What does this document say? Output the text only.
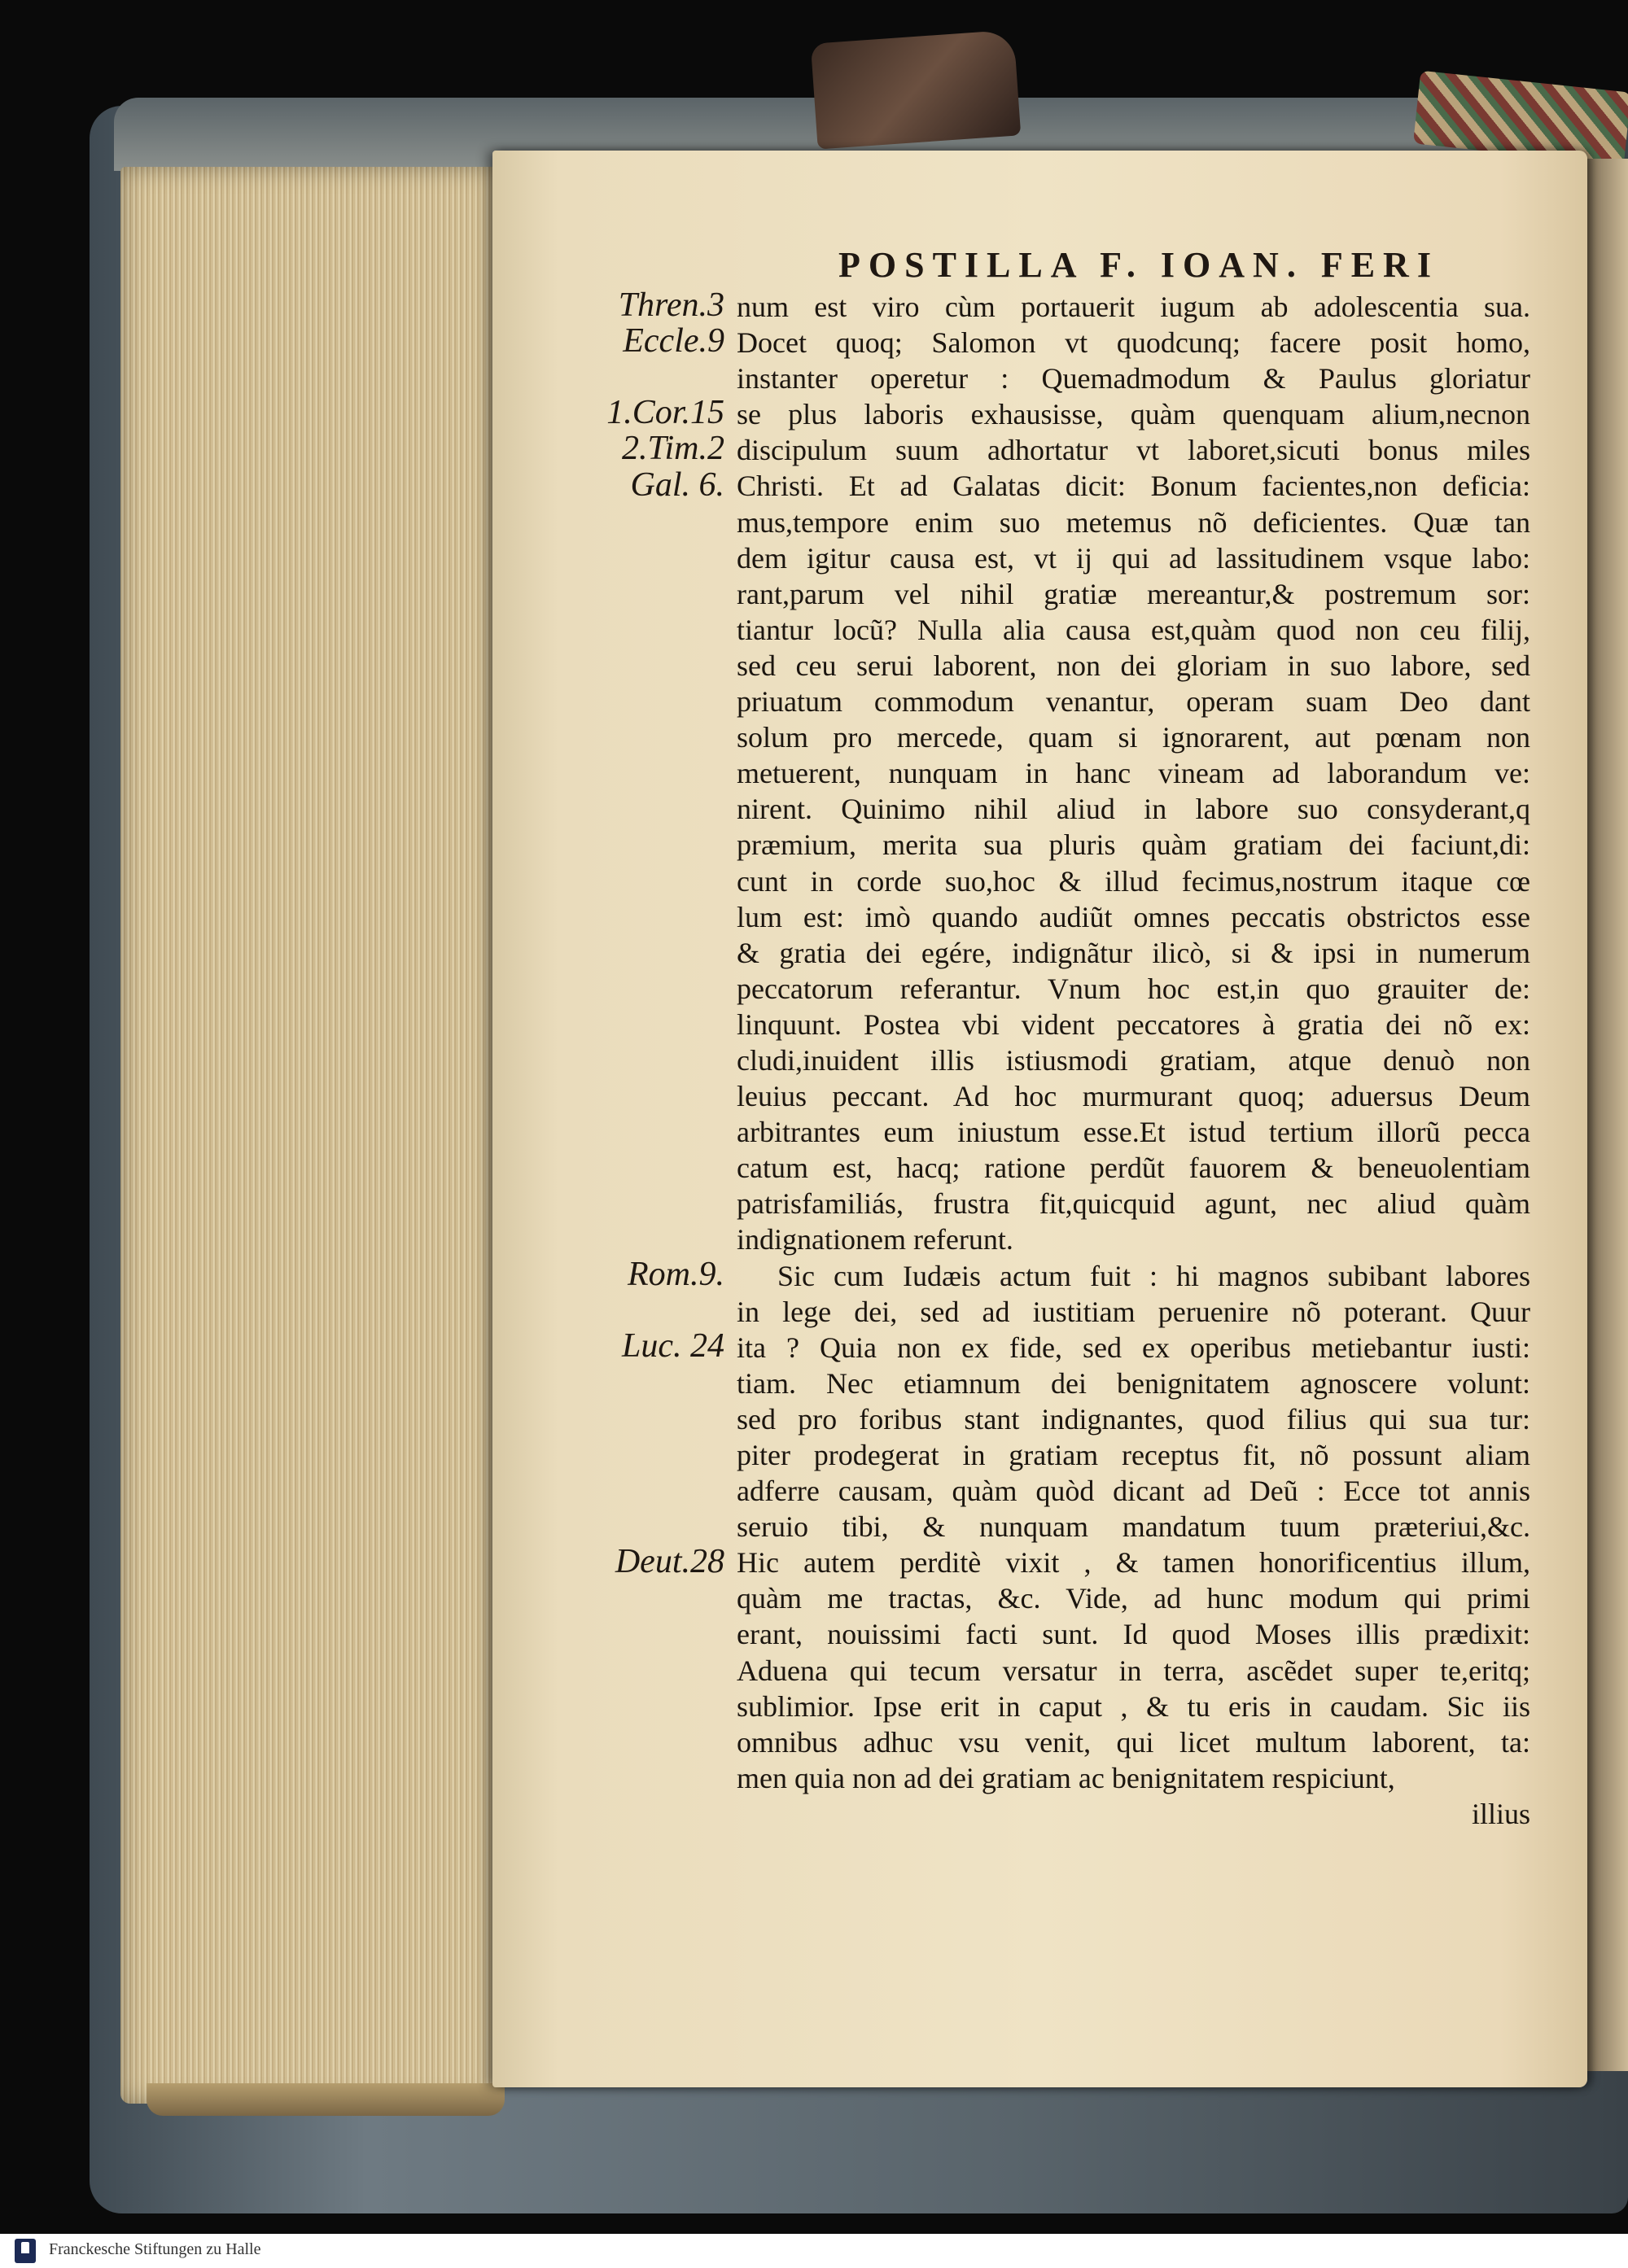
POSTILLA F. IOAN. FERI
Thren.3
Eccle.9
1.Cor.15
2.Tim.2
Gal. 6.
Rom.9.
Luc. 24
Deut.28
num est viro cùm portauerit iugum ab adolescentia sua.
Docet quoq; Salomon vt quodcunq; facere posit homo,
instanter operetur : Quemadmodum & Paulus gloriatur
se plus laboris exhausisse, quàm quenquam alium,necnon
discipulum suum adhortatur vt laboret,sicuti bonus miles
Christi. Et ad Galatas dicit: Bonum facientes,non deficia:
mus,tempore enim suo metemus nõ deficientes. Quæ tan
dem igitur causa est, vt ij qui ad lassitudinem vsque labo:
rant,parum vel nihil gratiæ mereantur,& postremum sor:
tiantur locũ? Nulla alia causa est,quàm quod non ceu filij,
sed ceu serui laborent, non dei gloriam in suo labore, sed
priuatum commodum venantur, operam suam Deo dant
solum pro mercede, quam si ignorarent, aut pœnam non
metuerent, nunquam in hanc vineam ad laborandum ve:
nirent. Quinimo nihil aliud in labore suo consyderant,q
præmium, merita sua pluris quàm gratiam dei faciunt,di:
cunt in corde suo,hoc & illud fecimus,nostrum itaque cœ
lum est: imò quando audiũt omnes peccatis obstrictos esse
& gratia dei egére, indignãtur ilicò, si & ipsi in numerum
peccatorum referantur. Vnum hoc est,in quo grauiter de:
linquunt. Postea vbi vident peccatores à gratia dei nõ ex:
cludi,inuident illis istiusmodi gratiam, atque denuò non
leuius peccant. Ad hoc murmurant quoq; aduersus Deum
arbitrantes eum iniustum esse.Et istud tertium illorũ pecca
catum est, hacq; ratione perdũt fauorem & beneuolentiam
patrisfamiliás, frustra fit,quicquid agunt, nec aliud quàm
indignationem referunt.
Sic cum Iudæis actum fuit : hi magnos subibant labores
in lege dei, sed ad iustitiam peruenire nõ poterant. Quur
ita ? Quia non ex fide, sed ex operibus metiebantur iusti:
tiam. Nec etiamnum dei benignitatem agnoscere volunt:
sed pro foribus stant indignantes, quod filius qui sua tur:
piter prodegerat in gratiam receptus fit, nõ possunt aliam
adferre causam, quàm quòd dicant ad Deũ : Ecce tot annis
seruio tibi, & nunquam mandatum tuum præteriui,&c.
Hic autem perditè vixit , & tamen honorificentius illum,
quàm me tractas, &c. Vide, ad hunc modum qui primi
erant, nouissimi facti sunt. Id quod Moses illis prædixit:
Aduena qui tecum versatur in terra, ascẽdet super te,eritq;
sublimior. Ipse erit in caput , & tu eris in caudam. Sic iis
omnibus adhuc vsu venit, qui licet multum laborent, ta:
men quia non ad dei gratiam ac benignitatem respiciunt,
illius
Franckesche Stiftungen zu Halle
